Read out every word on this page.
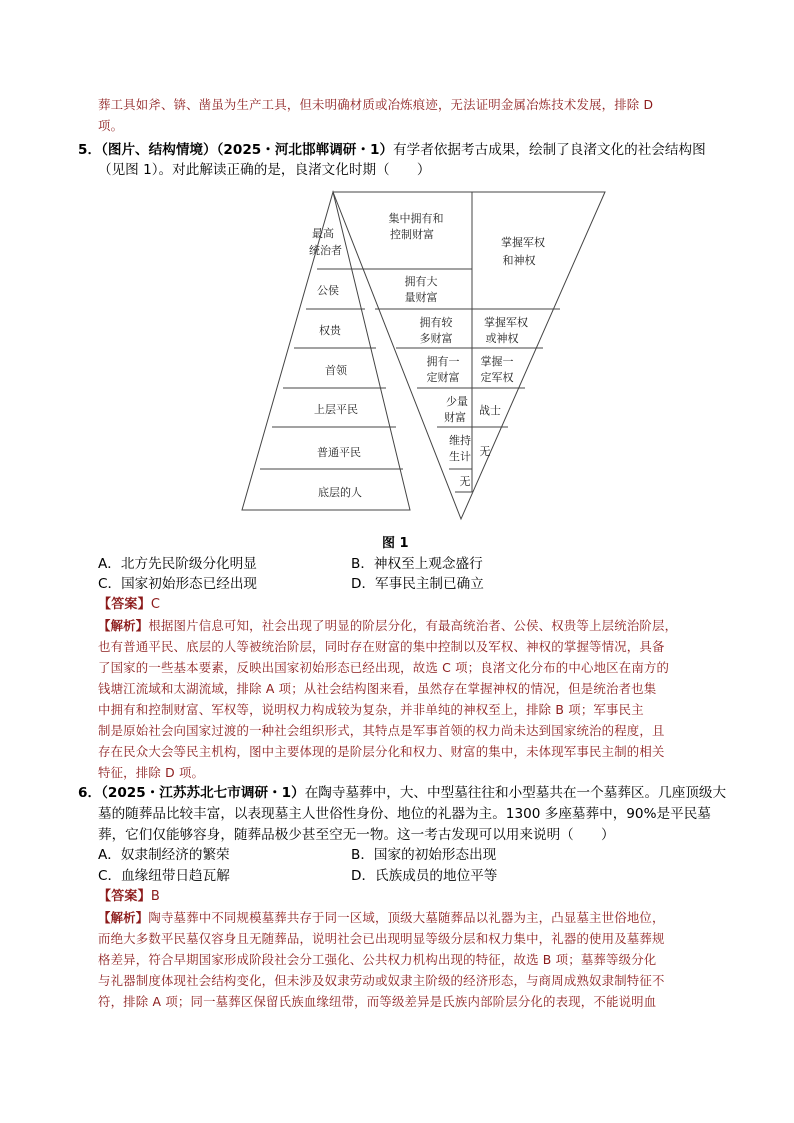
葬工具如斧、锛、凿虽为生产工具，但未明确材质或冶炼痕迹，无法证明金属冶炼技术发展，排除 D
项。
5．（图片、结构情境）（2025・河北邯郸调研・1）有学者依据考古成果，绘制了良渚文化的社会结构图
（见图 1）。对此解读正确的是，良渚文化时期（　　）
最高
统治者
公侯
权贵
首领
上层平民
普通平民
底层的人
集中拥有和
控制财富
拥有大
量财富
拥有较
多财富
拥有一
定财富
少量
财富
维持
生计
无
掌握军权
和神权
掌握军权
或神权
掌握一
定军权
战士
无
图 1
A．北方先民阶级分化明显	B．神权至上观念盛行
C．国家初始形态已经出现	D．军事民主制已确立
【答案】C
【解析】根据图片信息可知，社会出现了明显的阶层分化，有最高统治者、公侯、权贵等上层统治阶层，
也有普通平民、底层的人等被统治阶层，同时存在财富的集中控制以及军权、神权的掌握等情况，具备
了国家的一些基本要素，反映出国家初始形态已经出现，故选 C 项；良渚文化分布的中心地区在南方的
钱塘江流域和太湖流域，排除 A 项；从社会结构图来看，虽然存在掌握神权的情况，但是统治者也集
中拥有和控制财富、军权等，说明权力构成较为复杂，并非单纯的神权至上，排除 B 项；军事民主
制是原始社会向国家过渡的一种社会组织形式，其特点是军事首领的权力尚未达到国家统治的程度，且
存在民众大会等民主机构，图中主要体现的是阶层分化和权力、财富的集中，未体现军事民主制的相关
特征，排除 D 项。
6．（2025・江苏苏北七市调研・1）在陶寺墓葬中，大、中型墓往往和小型墓共在一个墓葬区。几座顶级大
墓的随葬品比较丰富，以表现墓主人世俗性身份、地位的礼器为主。1300 多座墓葬中，90%是平民墓
葬，它们仅能够容身，随葬品极少甚至空无一物。这一考古发现可以用来说明（　　）
A．奴隶制经济的繁荣	B．国家的初始形态出现
C．血缘纽带日趋瓦解	D．氏族成员的地位平等
【答案】B
【解析】陶寺墓葬中不同规模墓葬共存于同一区域，顶级大墓随葬品以礼器为主，凸显墓主世俗地位，
而绝大多数平民墓仅容身且无随葬品，说明社会已出现明显等级分层和权力集中，礼器的使用及墓葬规
格差异，符合早期国家形成阶段社会分工强化、公共权力机构出现的特征，故选 B 项；墓葬等级分化
与礼器制度体现社会结构变化，但未涉及奴隶劳动或奴隶主阶级的经济形态，与商周成熟奴隶制特征不
符，排除 A 项；同一墓葬区保留氏族血缘纽带，而等级差异是氏族内部阶层分化的表现，不能说明血
